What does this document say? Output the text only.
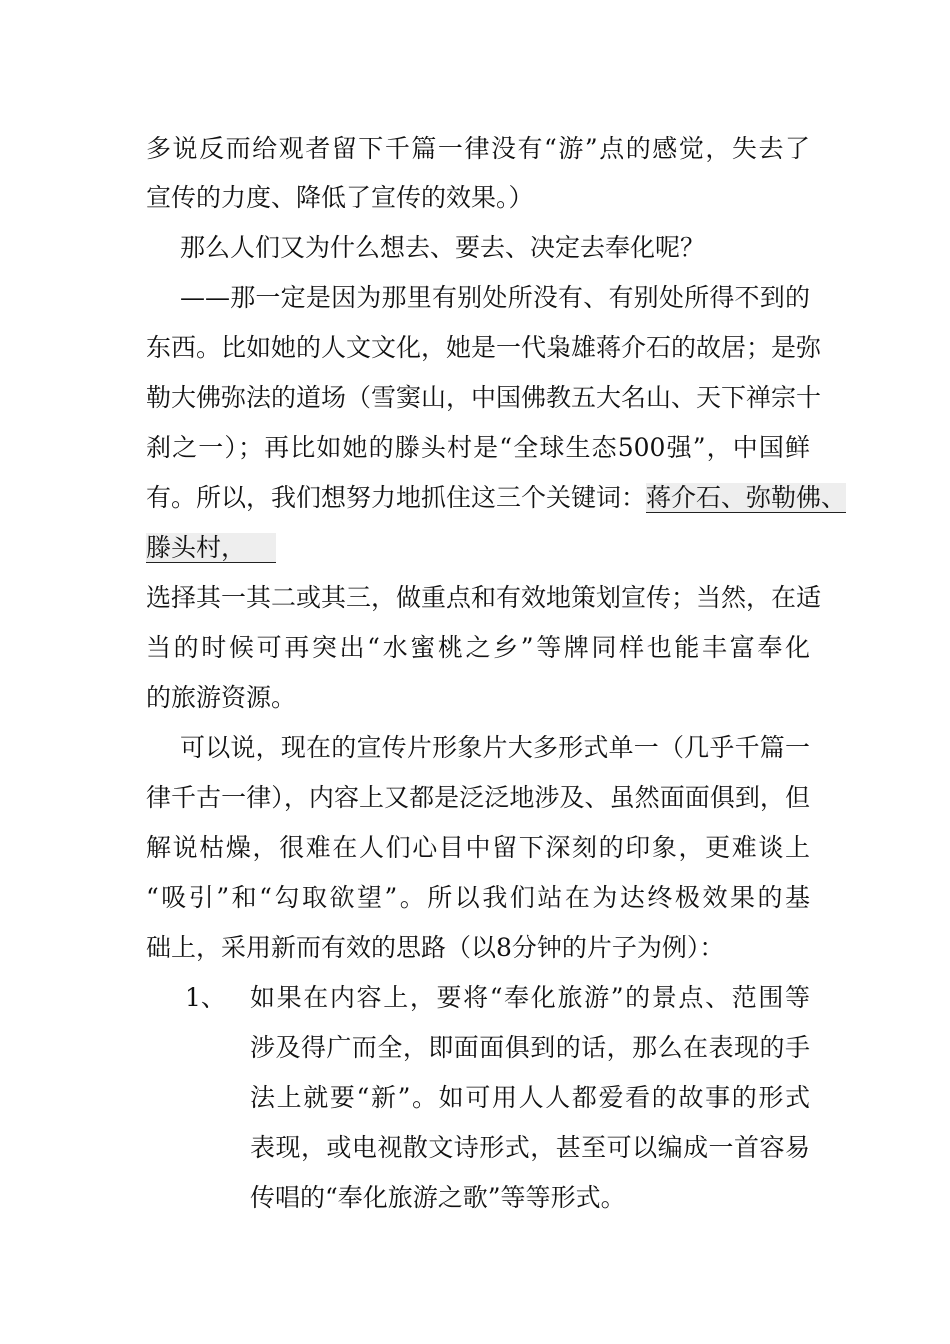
多说反而给观者留下千篇一律没有“游”点的感觉，失去了
宣传的力度、降低了宣传的效果。）
那么人们又为什么想去、要去、决定去奉化呢？
——那一定是因为那里有别处所没有、有别处所得不到的
东西。比如她的人文文化，她是一代枭雄蒋介石的故居；是弥
勒大佛弥法的道场（雪窦山，中国佛教五大名山、天下禅宗十
刹之一）；再比如她的滕头村是“全球生态500强”，中国鲜
有。所以，我们想努力地抓住这三个关键词：蒋介石、弥勒佛、
滕头村，
选择其一其二或其三，做重点和有效地策划宣传；当然，在适
当的时候可再突出“水蜜桃之乡”等牌同样也能丰富奉化
的旅游资源。
可以说，现在的宣传片形象片大多形式单一（几乎千篇一
律千古一律），内容上又都是泛泛地涉及、虽然面面俱到，但
解说枯燥，很难在人们心目中留下深刻的印象，更难谈上
“吸引”和“勾取欲望”。所以我们站在为达终极效果的基
础上，采用新而有效的思路（以8分钟的片子为例）：
1、 如果在内容上，要将“奉化旅游”的景点、范围等
涉及得广而全，即面面俱到的话，那么在表现的手
法上就要“新”。如可用人人都爱看的故事的形式
表现，或电视散文诗形式，甚至可以编成一首容易
传唱的“奉化旅游之歌”等等形式。
